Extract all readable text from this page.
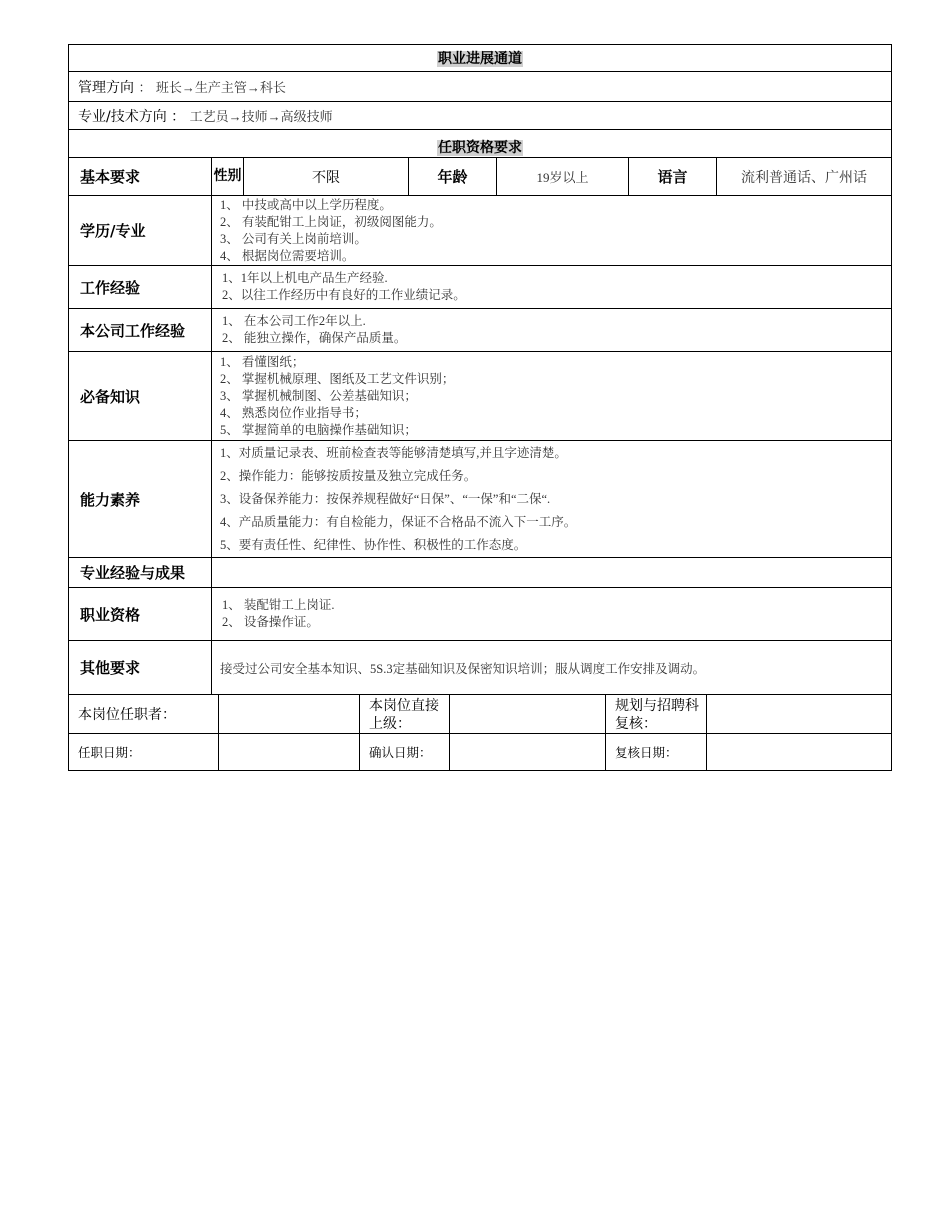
职业进展通道						
管理方向 ： 班长→生产主管→科长						
专业/技术方向 ： 工艺员→技师→高级技师						
任职资格要求						
基本要求	性别	不限	年龄	19岁以上	语言	流利普通话、广州话
学历/专业	1、 中技或高中以上学历程度。
2、 有装配钳工上岗证，初级阅图能力。
3、 公司有关上岗前培训。
4、 根据岗位需要培训。					

工作经验	1、1年以上机电产品生产经验.
2、以往工作经历中有良好的工作业绩记录。					

本公司工作经验	1、 在本公司工作2年以上.
2、 能独立操作，确保产品质量。					

必备知识	1、 看懂图纸；
2、 掌握机械原理、图纸及工艺文件识别；
3、 掌握机械制图、公差基础知识；
4、 熟悉岗位作业指导书；
5、 掌握简单的电脑操作基础知识；					

能力素养	1、对质量记录表、班前检查表等能够清楚填写,并且字迹清楚。
2、操作能力：能够按质按量及独立完成任务。
3、设备保养能力：按保养规程做好“日保”、“一保”和“二保“.
4、产品质量能力：有自检能力，保证不合格品不流入下一工序。
5、要有责任性、纪律性、协作性、积极性的工作态度。					

专业经验与成果						
职业资格	1、 装配钳工上岗证.
2、 设备操作证。					

其他要求	接受过公司安全基本知识、5S.3定基础知识及保密知识培训；服从调度工作安排及调动。					
本岗位任职者：		本岗位直接上级：		规划与招聘科复核：	
任职日期：		确认日期：		复核日期：	
